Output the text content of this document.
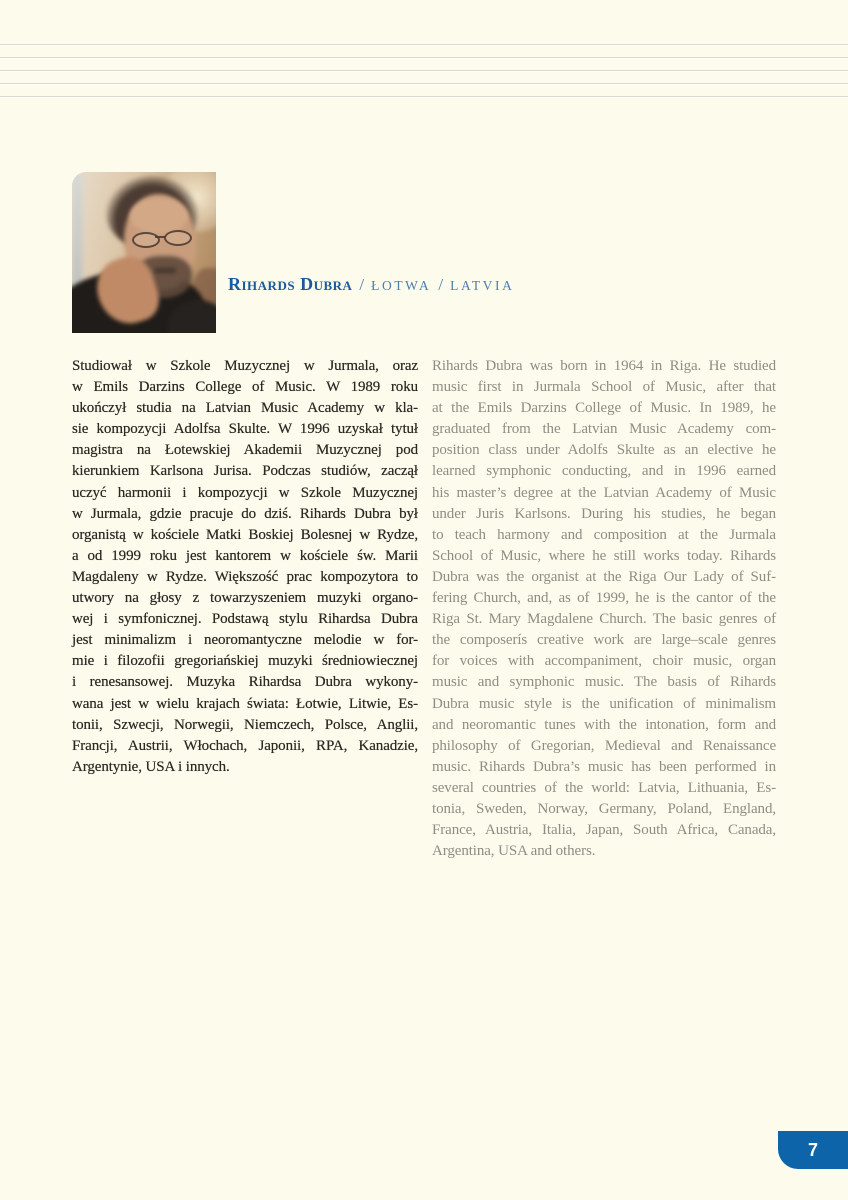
Rihards Dubra / ŁOTWA / LATVIA
Studiował w Szkole Muzycznej w Jurmala, oraz
w Emils Darzins College of Music. W 1989 roku
ukończył studia na Latvian Music Academy w kla-
sie kompozycji Adolfsa Skulte. W 1996 uzyskał tytuł
magistra na Łotewskiej Akademii Muzycznej pod
kierunkiem Karlsona Jurisa. Podczas studiów, zaczął
uczyć harmonii i kompozycji w Szkole Muzycznej
w Jurmala, gdzie pracuje do dziś. Rihards Dubra był
organistą w kościele Matki Boskiej Bolesnej w Rydze,
a od 1999 roku jest kantorem w kościele św. Marii
Magdaleny w Rydze. Większość prac kompozytora to
utwory na głosy z towarzyszeniem muzyki organo-
wej i symfonicznej. Podstawą stylu Rihardsa Dubra
jest minimalizm i neoromantyczne melodie w for-
mie i filozofii gregoriańskiej muzyki średniowiecznej
i renesansowej. Muzyka Rihardsa Dubra wykony-
wana jest w wielu krajach świata: Łotwie, Litwie, Es-
tonii, Szwecji, Norwegii, Niemczech, Polsce, Anglii,
Francji, Austrii, Włochach, Japonii, RPA, Kanadzie,
Argentynie, USA i innych.
Rihards Dubra was born in 1964 in Riga. He studied
music first in Jurmala School of Music, after that
at the Emils Darzins College of Music. In 1989, he
graduated from the Latvian Music Academy com-
position class under Adolfs Skulte as an elective he
learned symphonic conducting, and in 1996 earned
his master’s degree at the Latvian Academy of Music
under Juris Karlsons. During his studies, he began
to teach harmony and composition at the Jurmala
School of Music, where he still works today. Rihards
Dubra was the organist at the Riga Our Lady of Suf-
fering Church, and, as of 1999, he is the cantor of the
Riga St. Mary Magdalene Church. The basic genres of
the composerís creative work are large–scale genres
for voices with accompaniment, choir music, organ
music and symphonic music. The basis of Rihards
Dubra music style is the unification of minimalism
and neoromantic tunes with the intonation, form and
philosophy of Gregorian, Medieval and Renaissance
music. Rihards Dubra’s music has been performed in
several countries of the world: Latvia, Lithuania, Es-
tonia, Sweden, Norway, Germany, Poland, England,
France, Austria, Italia, Japan, South Africa, Canada,
Argentina, USA and others.
7
